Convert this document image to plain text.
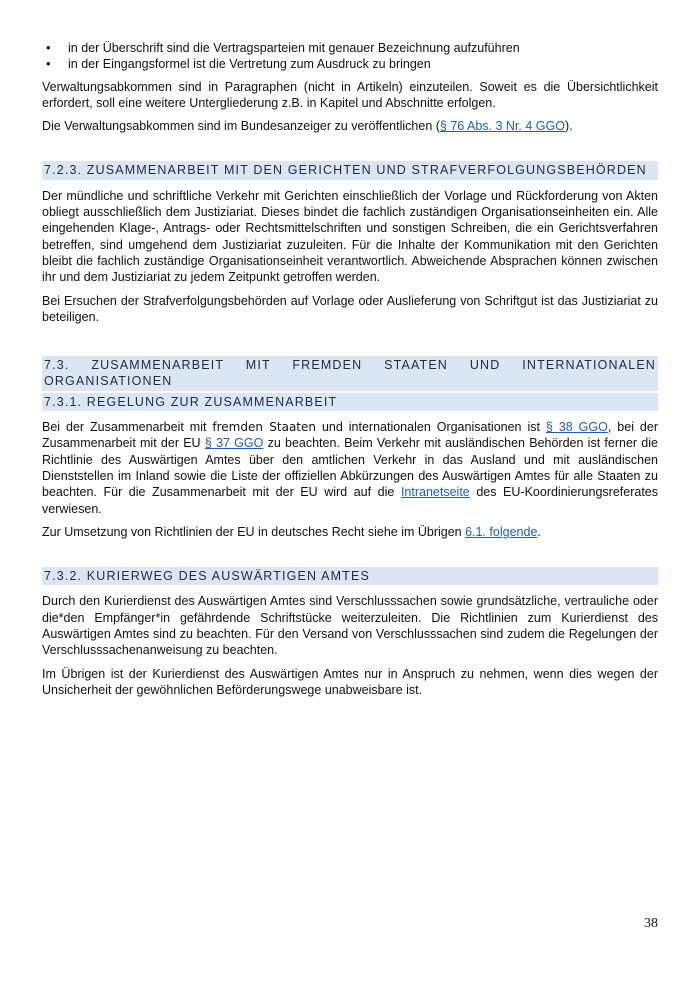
• in der Überschrift sind die Vertragsparteien mit genauer Bezeichnung aufzuführen
• in der Eingangsformel ist die Vertretung zum Ausdruck zu bringen

Verwaltungsabkommen sind in Paragraphen (nicht in Artikeln) einzuteilen. Soweit es die Übersichtlichkeit erfordert, soll eine weitere Untergliederung z.B. in Kapitel und Abschnitte erfolgen.

Die Verwaltungsabkommen sind im Bundesanzeiger zu veröffentlichen (§ 76 Abs. 3 Nr. 4 GGO).

7.2.3. ZUSAMMENARBEIT MIT DEN GERICHTEN UND STRAFVERFOLGUNGSBEHÖRDEN

Der mündliche und schriftliche Verkehr mit Gerichten einschließlich der Vorlage und Rückforderung von Akten obliegt ausschließlich dem Justiziariat. Dieses bindet die fachlich zuständigen Organisationseinheiten ein. Alle eingehenden Klage-, Antrags- oder Rechtsmittelschriften und sonstigen Schreiben, die ein Gerichtsverfahren betreffen, sind umgehend dem Justiziariat zuzuleiten. Für die Inhalte der Kommunikation mit den Gerichten bleibt die fachlich zuständige Organisationseinheit verantwortlich. Abweichende Absprachen können zwischen ihr und dem Justiziariat zu jedem Zeitpunkt getroffen werden.

Bei Ersuchen der Strafverfolgungsbehörden auf Vorlage oder Auslieferung von Schriftgut ist das Justiziariat zu beteiligen.

7.3. ZUSAMMENARBEIT MIT FREMDEN STAATEN UND INTERNATIONALEN ORGANISATIONEN
7.3.1. REGELUNG ZUR ZUSAMMENARBEIT

Bei der Zusammenarbeit mit fremden Staaten und internationalen Organisationen ist § 38 GGO, bei der Zusammenarbeit mit der EU § 37 GGO zu beachten. Beim Verkehr mit ausländischen Behörden ist ferner die Richtlinie des Auswärtigen Amtes über den amtlichen Verkehr in das Ausland und mit ausländischen Dienststellen im Inland sowie die Liste der offiziellen Abkürzungen des Auswärtigen Amtes für alle Staaten zu beachten. Für die Zusammenarbeit mit der EU wird auf die Intranetseite des EU-Koordinierungsreferates verwiesen.

Zur Umsetzung von Richtlinien der EU in deutsches Recht siehe im Übrigen 6.1. folgende.

7.3.2. KURIERWEG DES AUSWÄRTIGEN AMTES

Durch den Kurierdienst des Auswärtigen Amtes sind Verschlusssachen sowie grundsätzliche, vertrauliche oder die*den Empfänger*in gefährdende Schriftstücke weiterzuleiten. Die Richtlinien zum Kurierdienst des Auswärtigen Amtes sind zu beachten. Für den Versand von Verschlusssachen sind zudem die Regelungen der Verschlusssachenanweisung zu beachten.

Im Übrigen ist der Kurierdienst des Auswärtigen Amtes nur in Anspruch zu nehmen, wenn dies wegen der Unsicherheit der gewöhnlichen Beförderungswege unabweisbare ist.

38
